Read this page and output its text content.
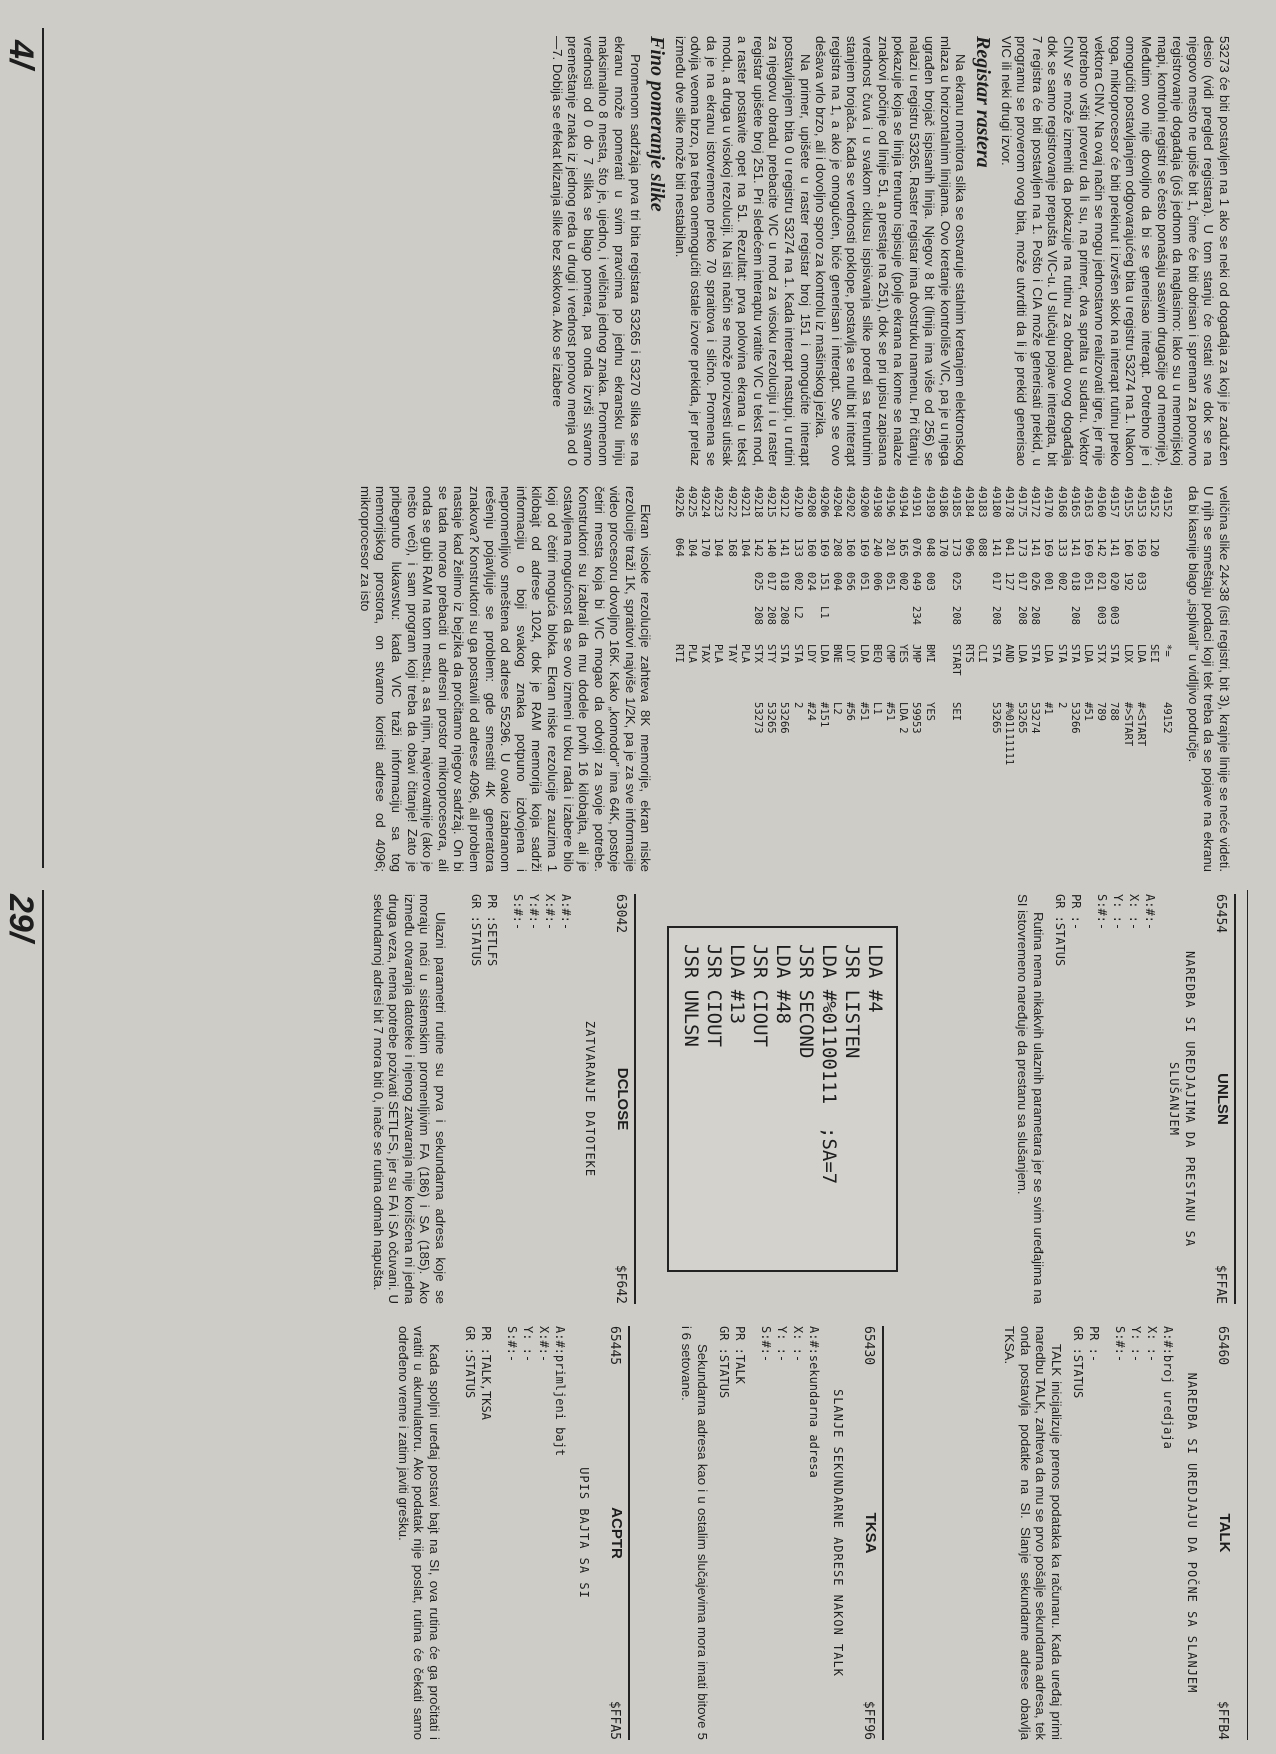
53273 će biti postavljen na 1 ako se neki od događaja za koji je zadužen desio (vidi pregled registara). U tom stanju će ostati sve dok se na njegovo mesto ne upiše bit 1, čime će biti obrisan i spreman za ponovno registrovanje događaja (još jednom da naglasimo: lako su u memorijskoj mapi, kontrolni registri se često ponašaju sasvim drugačije od memorije). Međutim ovo nije dovoljno da bi se generisao interapt. Potrebno je i omogućiti postavljanjem odgovarajućeg bita u registru 53274 na 1. Nakon toga, mikroprocesor će biti prekinut i izvršen skok na interapt rutinu preko vektora CINV. Na ovaj način se mogu jednostavno realizovati igre, jer nije potrebno vršiti proveru da li su, na primer, dva spralta u sudaru. Vektor CINV se može izmeniti da pokazuje na rutinu za obradu ovog događaja dok se samo registrovanje prepušta VIC-u. U slučaju pojave interapta, bit 7 registra će biti postavljen na 1. Pošto i CIA može generisati prekid, u programu se proverom ovog bita, može utvrditi da li je prekid generisao VIC ili neki drugi izvor.

Registar rastera

Na ekranu monitora slika se ostvaruje stalnim kretanjem elektronskog mlaza u horizontalnim linijama. Ovo kretanje kontroliše VIC, pa je u njega ugrađen brojač ispisanih linija. Njegov 8 bit (linija ima više od 256) se nalazi u registru 53265. Raster registar ima dvostruku namenu. Pri čitanju pokazuje koja se linija trenutno ispisuje (polje ekrana na kome se nalaze znakovi počinje od linije 51, a prestaje na 251), dok se pri upisu zapisana vrednost čuva i u svakom ciklusu ispisivanja slike poredi sa trenutnim stanjem brojača. Kada se vrednosti poklope, postavlja se nulti bit interapt registra na 1, a ako je omogućen, biće generisan i interapt. Sve se ovo dešava vrlo brzo, ali i dovoljno sporo za kontrolu iz mašinskog jezika.

Na primer, upišete u raster registar broj 151 i omogućite interapt postavljanjem bita 0 u registru 53274 na 1. Kada interapt nastupi, u rutini za njegovu obradu prebacite VIC u mod za visoku rezoluciju i u raster registar upišete broj 251. Pri sledećem interaptu vratite VIC u tekst mod, a raster postavite opet na 51. Rezultat: prva polovina ekrana u tekst modu, a druga u visokoj rezoluciji. Na isti način se može proizvesti utisak da je na ekranu istovremeno preko 70 spraitova i slično. Promena se odvija veoma brzo, pa treba onemogućiti ostale izvore prekida, jer prelaz između dve slike može biti nestabilan.

Fino pomeranje slike

Promenom sadržaja prva tri bita registara 53265 i 53270 slika se na ekranu može pomerati u svim pravcima po jednu ekransku liniju maksimalno 8 mesta, što je, ujedno, i veličina jednog znaka. Promenom vrednosti od 0 do 7 slika se blago pomera, pa onda izvrši stvarno premeštanje znaka iz jednog reda u drugi i vrednost ponovo menja od 0—7. Dobija se efekat klizanja slike bez skokova. Ako se izabere

veličina slike 24×38 (isti registri, bit 3), krajnje linije se neće videti. U njih se smeštaju podaci koji tek treba da se pojave na ekranu da bi kasnije blago „isplivali” u vidljivo područje.

49152
*=
49152
49152
120
SEI
49153
169
033
LDA
#<START
49155
160
192
LDX
#>START
49157
141
020
003
STA
788
49160
142
021
003
STX
789
49163
169
051
LDA
#51
49165
141
018
208
STA
53266
49168
133
002
STA
2
49170
169
001
LDA
#1
49172
141
026
208
STA
53274
49175
173
017
208
LDA
53265
49178
041
127
AND
#%01111111
49180
141
017
208
STA
53265
49183
088
CLI
49184
096
RTS
49185
173
025
208
START
SEI
49186
170
49189
048
003
BMI
YES
49191
076
049
234
JMP
59953
49194
165
002
YES
LDA 2
49196
201
051
CMP
#51
49198
240
006
BEQ
L1
49200
169
051
LDA
#51
49202
160
056
LDY
#56
49204
208
004
BNE
L2
49206
169
151
L1
LDA
#151
49208
160
024
LDY
#24
49210
133
002
L2
STA
2
49212
141
018
208
STA
53266
49215
140
017
208
STY
53265
49218
142
025
208
STX
53273
49221
104
PLA
49222
168
TAY
49223
104
PLA
49224
170
TAX
49225
104
PLA
49226
064
RTI

Ekran visoke rezolucije zahteva 8K memorije, ekran niske rezolucije traži 1K, spraitovi najviše 1/2K, pa je za sve informacije video procesoru dovoljno 16K. Kako „komodor” ima 64K, postoje četiri mesta koja bi VIC mogao da odvoji za svoje potrebe. Konstruktori su izabrali da mu dodele prvih 16 kilobajta, ali je ostavljena mogućnost da se ovo izmeni u toku rada i izabere bilo koji od četiri moguća bloka. Ekran niske rezolucije zauzima 1 kilobajt od adrese 1024, dok je RAM memorija koja sadrži informaciju o boji svakog znaka potpuno izdvojena i nepromenljivo smeštena od adrese 55296. U ovako izabranom rešenju pojavljuje se problem: gde smestiti 4K generatora znakova? Konstruktori su ga postavili od adrese 4096, ali problem nastaje kad želimo iz bejzika da pročitamo njegov sadržaj. On bi se tada morao prebaciti u adresni prostor mikroprocesora, ali onda se gubi RAM na tom mestu, a sa njim, najverovatnije (ako je nešto veći), i sam program koji treba da obavi čitanje! Zato je pribegnuto lukavstvu: kada VIC traži informaciju sa tog memorijskog prostora, on stvarno koristi adrese od 4096; mikroprocesor za isto

4/
65454
UNLSN
$FFAE
NAREDBA SI UREDJAJIMA DA PRESTANU SA
SLUŠANJEM
A:#:-
X: :-
Y: :-
S:#:-
PR :-
GR :STATUS
Rutina nema nikakvih ulaznih parametara jer se svim uređajima na SI istovremeno naređuje da prestanu sa slušanjem.
LDA #4
JSR LISTEN
LDA #%01100111  ;SA=7
JSR SECOND
LDA #48
JSR CIOUT
LDA #13
JSR CIOUT
JSR UNLSN
63042
DCLOSE
$F642
ZATVARANJE DATOTEKE
A:#:-
X:#:-
Y:#:-
S:#:-
PR :SETLFS
GR :STATUS
Ulazni parametri rutine su prva i sekundarna adresa koje se moraju naći u sistemskim promenljivim FA (186) i SA (185). Ako između otvaranja datoteke i njenog zatvaranja nije korišćena ni jedna druga veza, nema potrebe pozivati SETLFS, jer su FA i SA očuvani. U sekundarnoj adresi bit 7 mora biti 0, inače se rutina odmah napušta.
65460
TALK
$FFB4
NAREDBA SI UREDJAJU DA POČNE SA SLANJEM
A:#:broj uredjaja
X: :-
Y: :-
S:#:-
PR :-
GR :STATUS
TALK inicijalizuje prenos podataka ka računaru. Kada uređaj primi naredbu TALK, zahteva da mu se prvo pošalje sekundarna adresa, tek onda postavlja podatke na SI. Slanje sekundarne adrese obavlja TKSA.
65430
TKSA
$FF96
SLANJE SEKUNDARNE ADRESE NAKON TALK
A:#:sekundarna adresa
X: :-
Y: :-
S:#:-
PR :TALK
GR :STATUS
Sekundarna adresa kao i u ostalim slučajevima mora imati bitove 5 i 6 setovane.
65445
ACPTR
$FFA5
UPIS BAJTA SA SI
A:#:primljeni bajt
X:#:-
Y: :-
S:#:-
PR :TALK,TKSA
GR :STATUS
Kada spoljni uređaj postavi bajt na SI, ova rutina će ga pročitati i vratiti u akumulatoru. Ako podatak nije poslat, rutina će čekati samo određeno vreme i zatim javiti grešku.
29/
